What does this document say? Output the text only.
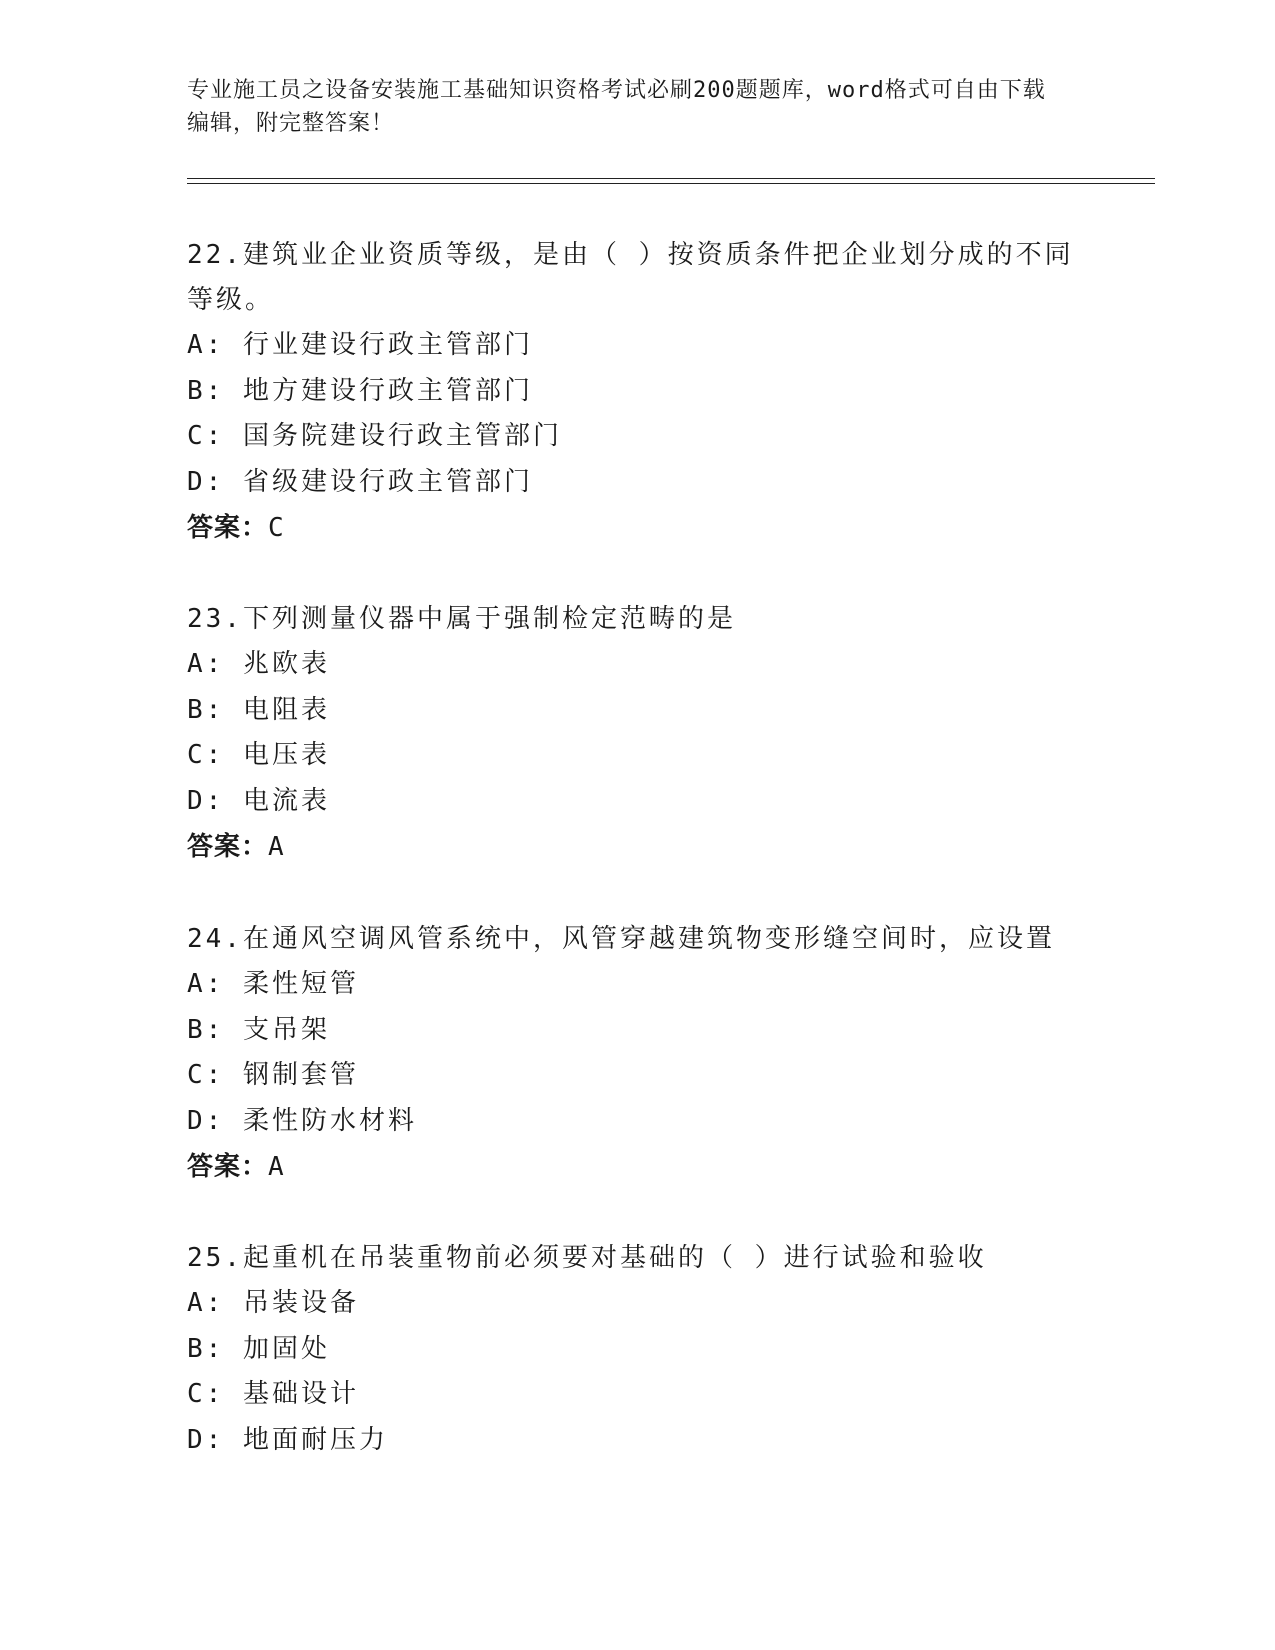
专业施工员之设备安装施工基础知识资格考试必刷200题题库，word格式可自由下载编辑，附完整答案！

22.建筑业企业资质等级，是由（ ）按资质条件把企业划分成的不同等级。

A: 行业建设行政主管部门

B: 地方建设行政主管部门

C: 国务院建设行政主管部门

D: 省级建设行政主管部门

答案：C

23.下列测量仪器中属于强制检定范畴的是

A: 兆欧表

B: 电阻表

C: 电压表

D: 电流表

答案：A

24.在通风空调风管系统中，风管穿越建筑物变形缝空间时，应设置

A: 柔性短管

B: 支吊架

C: 钢制套管

D: 柔性防水材料

答案：A

25.起重机在吊装重物前必须要对基础的（ ）进行试验和验收

A: 吊装设备

B: 加固处

C: 基础设计

D: 地面耐压力
